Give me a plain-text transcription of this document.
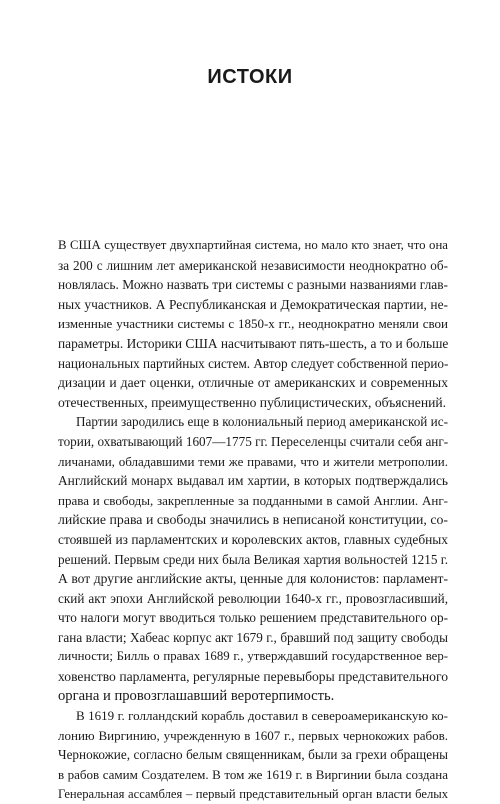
ИСТОКИ

В США существует двухпартийная система, но мало кто знает, что она
за 200 с лишним лет американской независимости неоднократно об-
новлялась. Можно назвать три системы с разными названиями глав-
ных участников. А Республиканская и Демократическая партии, не-
изменные участники системы с 1850-х гг., неоднократно меняли свои
параметры. Историки США насчитывают пять-шесть, а то и больше
национальных партийных систем. Автор следует собственной перио-
дизации и дает оценки, отличные от американских и современных
отечественных, преимущественно публицистических, объяснений.

Партии зародились еще в колониальный период американской ис-
тории, охватывающий 1607—1775 гг. Переселенцы считали себя анг-
личанами, обладавшими теми же правами, что и жители метрополии.
Английский монарх выдавал им хартии, в которых подтверждались
права и свободы, закрепленные за подданными в самой Англии. Анг-
лийские права и свободы значились в неписаной конституции, со-
стоявшей из парламентских и королевских актов, главных судебных
решений. Первым среди них была Великая хартия вольностей 1215 г.
А вот другие английские акты, ценные для колонистов: парламент-
ский акт эпохи Английской революции 1640-х гг., провозгласивший,
что налоги могут вводиться только решением представительного ор-
гана власти; Хабеас корпус акт 1679 г., бравший под защиту свободы
личности; Билль о правах 1689 г., утверждавший государственное вер-
ховенство парламента, регулярные перевыборы представительного
органа и провозглашавший веротерпимость.

В 1619 г. голландский корабль доставил в североамериканскую ко-
лонию Виргинию, учрежденную в 1607 г., первых чернокожих рабов.
Чернокожие, согласно белым священникам, были за грехи обращены
в рабов самим Создателем. В том же 1619 г. в Виргинии была создана
Генеральная ассамблея – первый представительный орган власти белых
